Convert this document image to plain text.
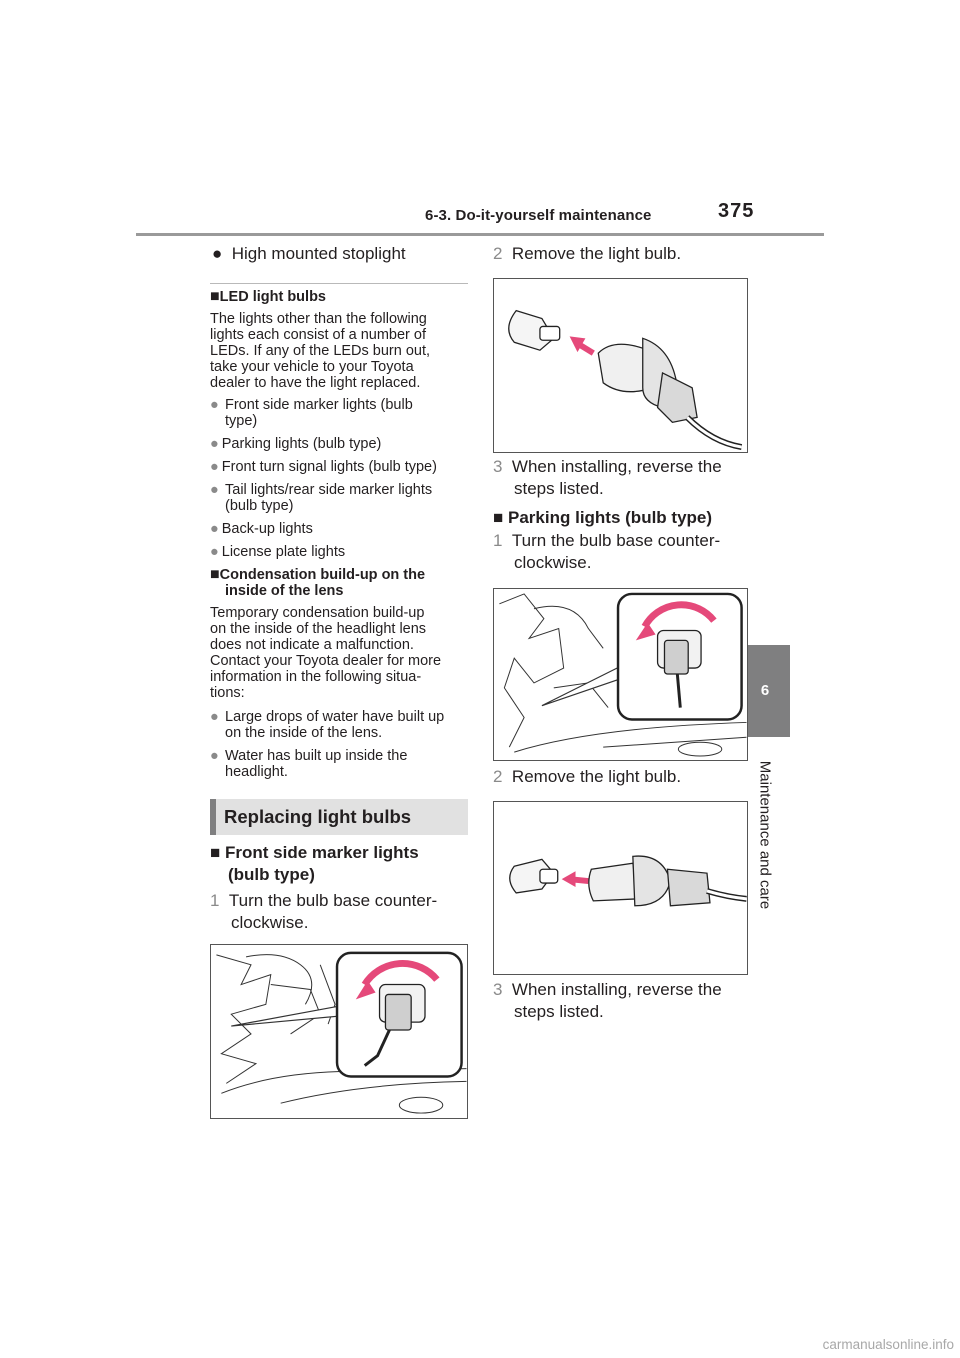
6-3. Do-it-yourself maintenance	375
6
Maintenance and care
● High mounted stoplight
■LED light bulbs
The lights other than the following
lights each consist of a number of
LEDs. If any of the LEDs burn out,
take your vehicle to your Toyota
dealer to have the light replaced.
● Front side marker lights (bulb
type)
● Parking lights (bulb type)
● Front turn signal lights (bulb type)
● Tail lights/rear side marker lights
(bulb type)
● Back-up lights
● License plate lights
■Condensation build-up on the
inside of the lens
Temporary condensation build-up
on the inside of the headlight lens
does not indicate a malfunction.
Contact your Toyota dealer for more
information in the following situa-
tions:
● Large drops of water have built up
on the inside of the lens.
● Water has built up inside the
headlight.
Replacing light bulbs
■ Front side marker lights
(bulb type)
1 Turn the bulb base counter-
clockwise.
2 Remove the light bulb.
3 When installing, reverse the
steps listed.
■ Parking lights (bulb type)
1 Turn the bulb base counter-
clockwise.
2 Remove the light bulb.
3 When installing, reverse the
steps listed.
carmanualsonline.info
